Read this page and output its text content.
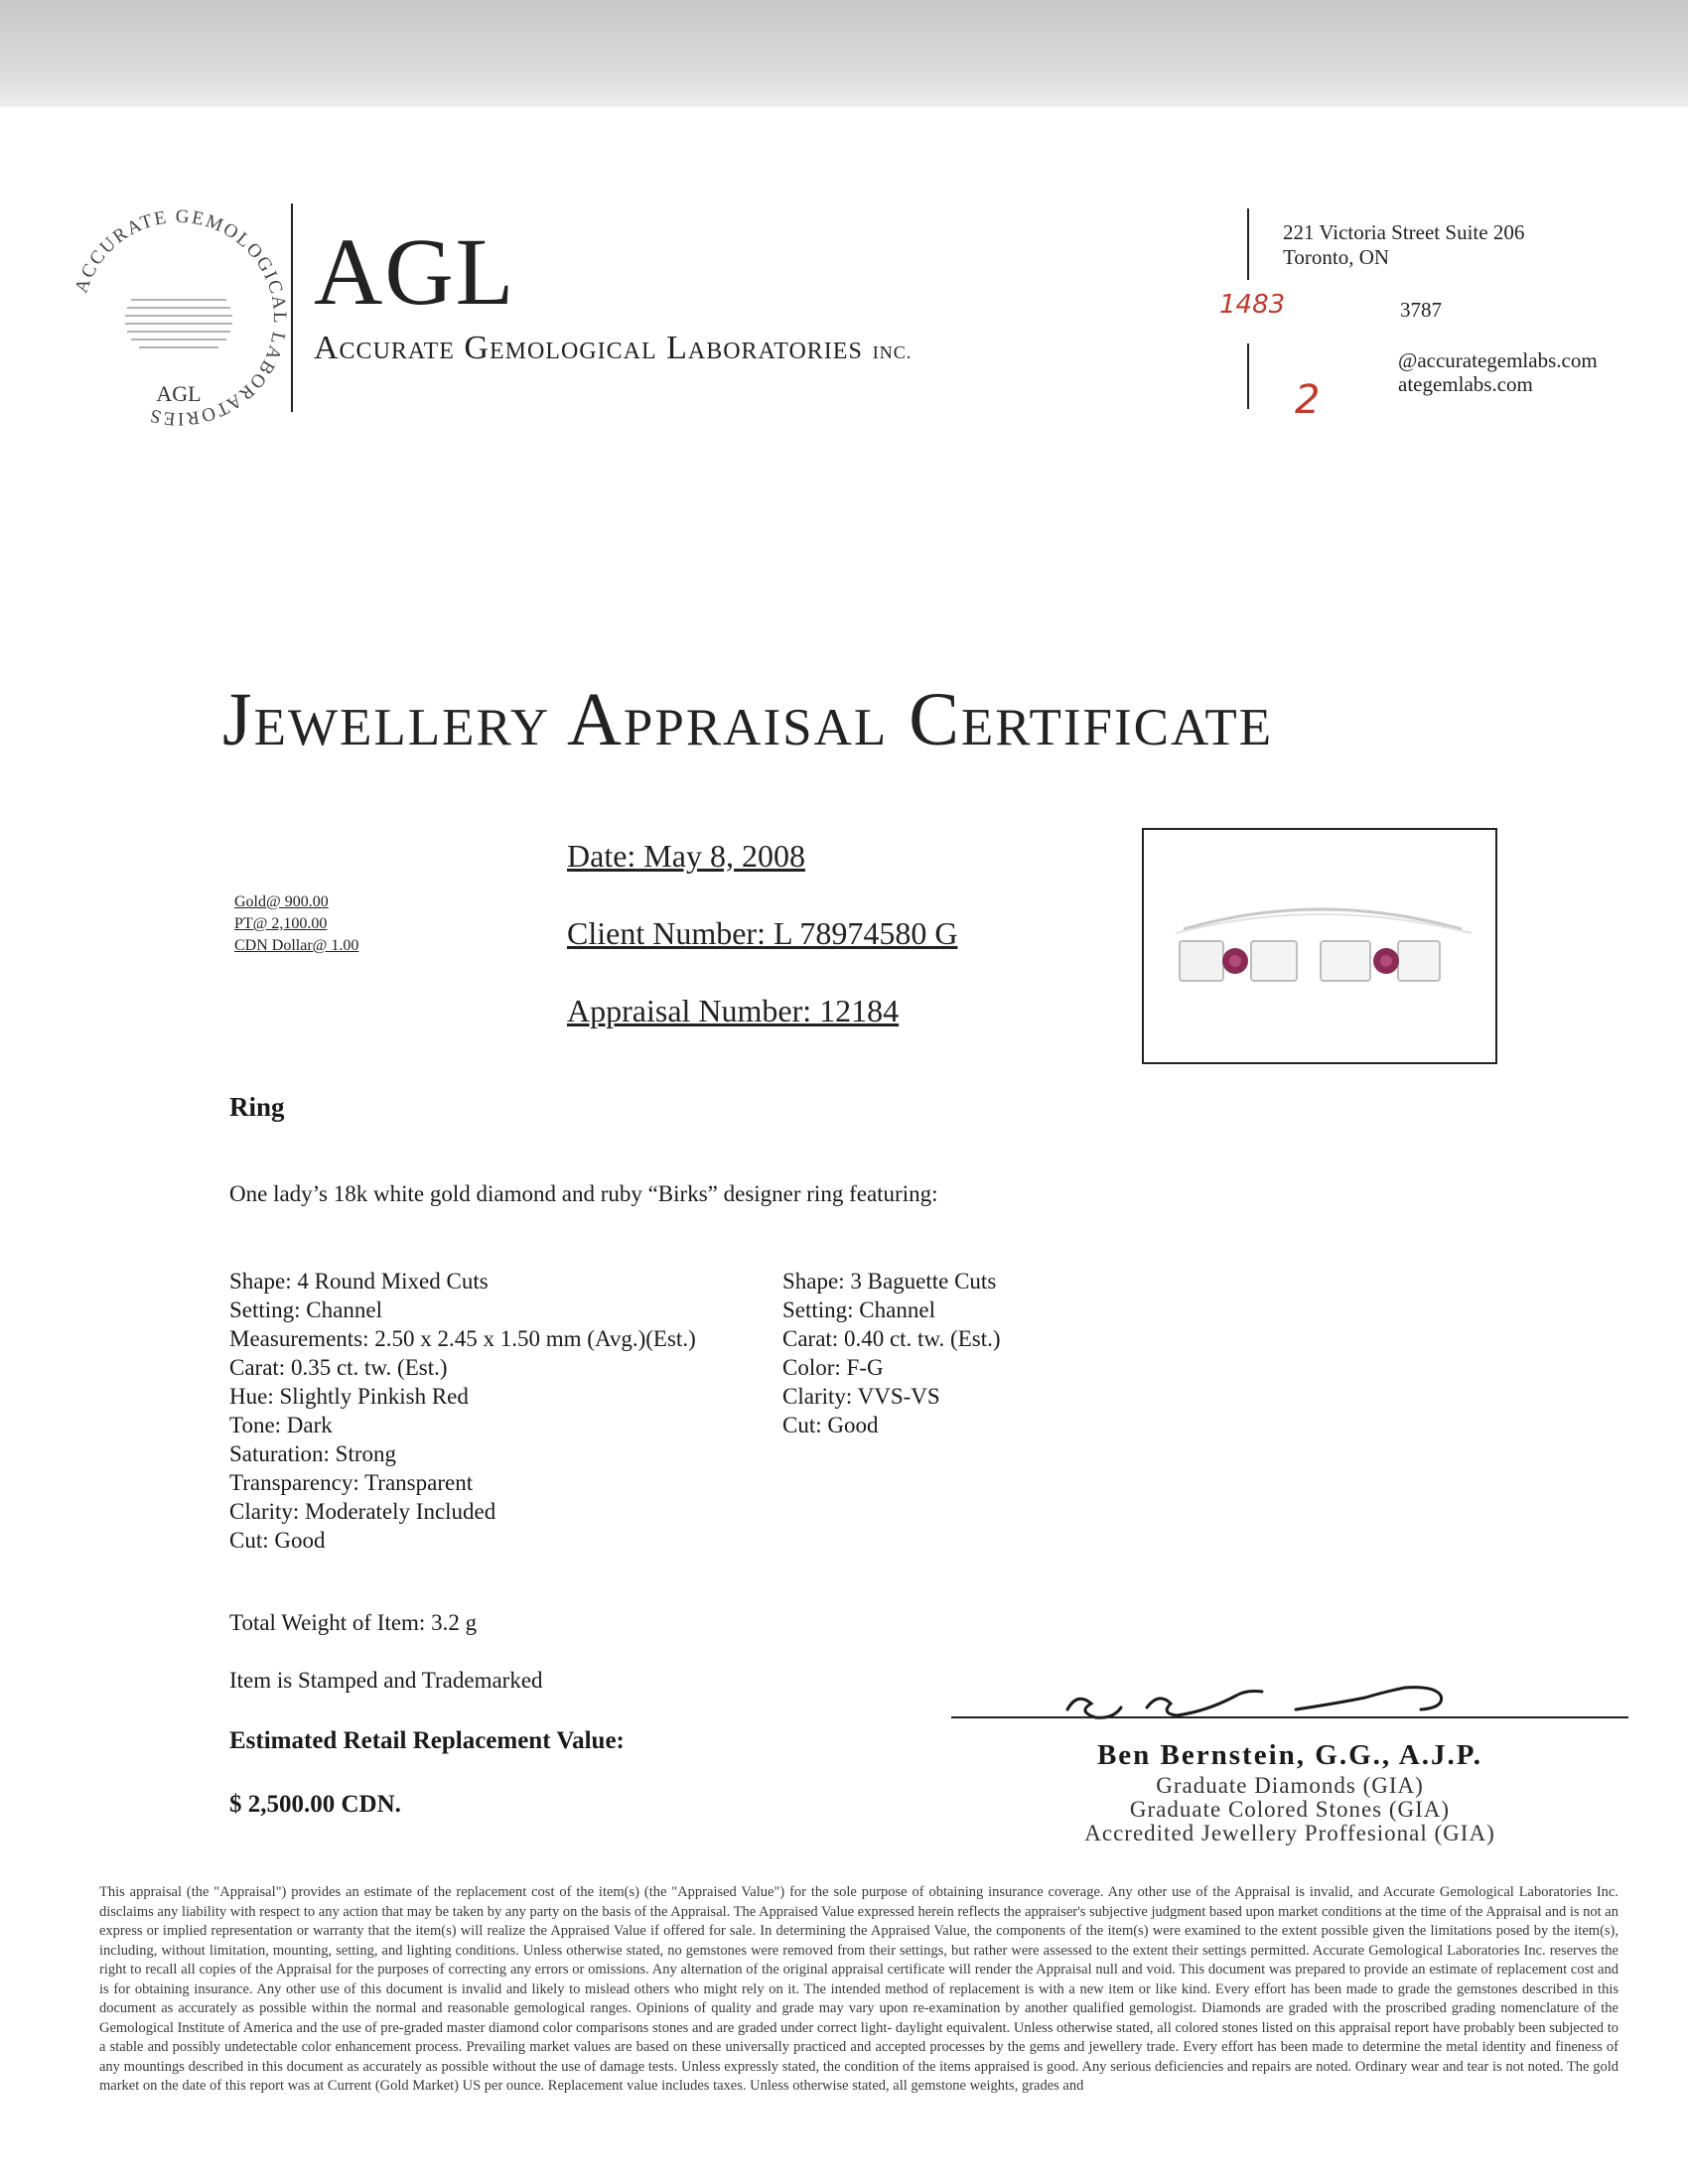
ACCURATE GEMOLOGICAL LABORATORIES
AGL
AGL
Accurate Gemological Laboratories INC.
221 Victoria Street Suite 206
Toronto, ON
1483	3787
@accurategemlabs.com
ategemlabs.com
2
Jewellery Appraisal Certificate
Gold@ 900.00
PT@ 2,100.00
CDN Dollar@ 1.00
Date: May 8, 2008
Client Number: L 78974580 G
Appraisal Number: 12184
Ring
One lady’s 18k white gold diamond and ruby “Birks” designer ring featuring:
Shape: 4 Round Mixed Cuts
Setting: Channel
Measurements: 2.50 x 2.45 x 1.50 mm (Avg.)(Est.)
Carat: 0.35 ct. tw. (Est.)
Hue: Slightly Pinkish Red
Tone: Dark
Saturation: Strong
Transparency: Transparent
Clarity: Moderately Included
Cut: Good
Shape: 3 Baguette Cuts
Setting: Channel
Carat: 0.40 ct. tw. (Est.)
Color: F-G
Clarity: VVS-VS
Cut: Good
Total Weight of Item: 3.2 g
Item is Stamped and Trademarked
Estimated Retail Replacement Value:
$ 2,500.00 CDN.
Ben Bernstein, G.G., A.J.P.
Graduate Diamonds (GIA)
Graduate Colored Stones (GIA)
Accredited Jewellery Proffesional (GIA)
This appraisal (the "Appraisal") provides an estimate of the replacement cost of the item(s) (the "Appraised Value") for the sole purpose of obtaining insurance coverage. Any other use of the Appraisal is invalid, and Accurate Gemological Laboratories Inc. disclaims any liability with respect to any action that may be taken by any party on the basis of the Appraisal. The Appraised Value expressed herein reflects the appraiser's subjective judgment based upon market conditions at the time of the Appraisal and is not an express or implied representation or warranty that the item(s) will realize the Appraised Value if offered for sale. In determining the Appraised Value, the components of the item(s) were examined to the extent possible given the limitations posed by the item(s), including, without limitation, mounting, setting, and lighting conditions. Unless otherwise stated, no gemstones were removed from their settings, but rather were assessed to the extent their settings permitted. Accurate Gemological Laboratories Inc. reserves the right to recall all copies of the Appraisal for the purposes of correcting any errors or omissions. Any alternation of the original appraisal certificate will render the Appraisal null and void. This document was prepared to provide an estimate of replacement cost and is for obtaining insurance. Any other use of this document is invalid and likely to mislead others who might rely on it. The intended method of replacement is with a new item or like kind. Every effort has been made to grade the gemstones described in this document as accurately as possible within the normal and reasonable gemological ranges. Opinions of quality and grade may vary upon re-examination by another qualified gemologist. Diamonds are graded with the proscribed grading nomenclature of the Gemological Institute of America and the use of pre-graded master diamond color comparisons stones and are graded under correct light- daylight equivalent. Unless otherwise stated, all colored stones listed on this appraisal report have probably been subjected to a stable and possibly undetectable color enhancement process. Prevailing market values are based on these universally practiced and accepted processes by the gems and jewellery trade. Every effort has been made to determine the metal identity and fineness of any mountings described in this document as accurately as possible without the use of damage tests. Unless expressly stated, the condition of the items appraised is good. Any serious deficiencies and repairs are noted. Ordinary wear and tear is not noted. The gold market on the date of this report was at Current (Gold Market) US per ounce. Replacement value includes taxes. Unless otherwise stated, all gemstone weights, grades and
